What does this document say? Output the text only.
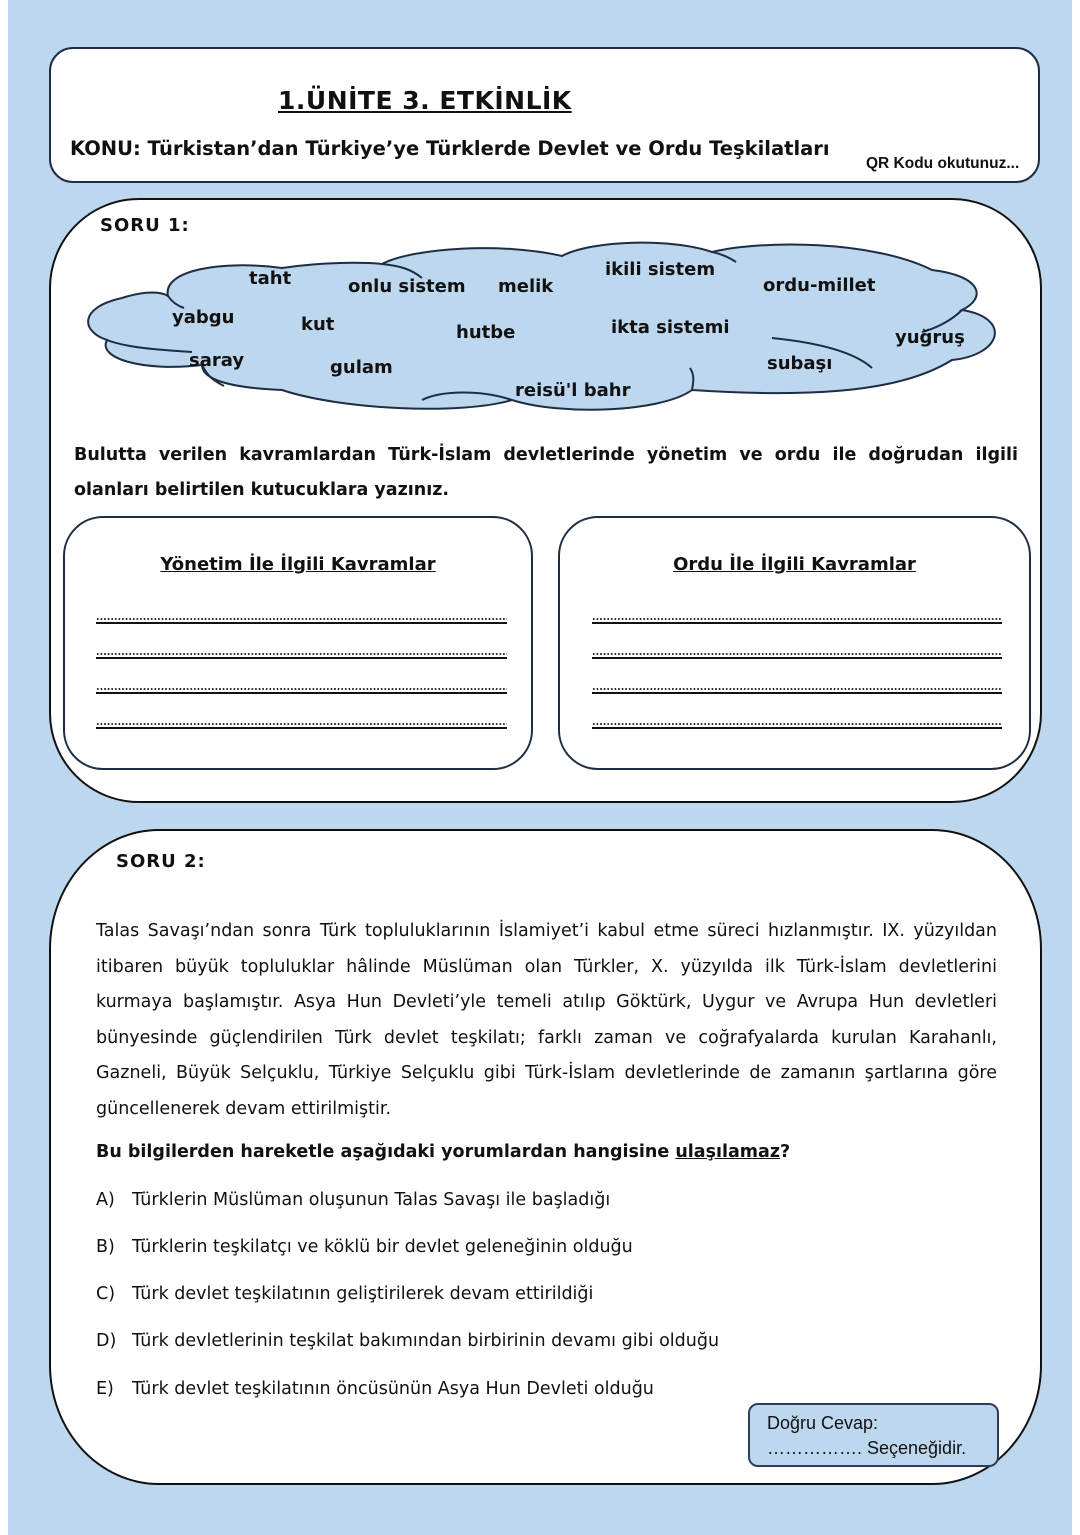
1.ÜNİTE 3. ETKİNLİK
KONU: Türkistan’dan Türkiye’ye Türklerde Devlet ve Ordu Teşkilatları
QR Kodu okutunuz...
SORU 1:
taht	onlu sistem melik
ikili sistem
ordu-millet
yabgu	kut	hutbe	ikta sistemi	yuğruş
saray	gulam	subaşı
reisü'l bahr
Bulutta verilen kavramlardan Türk-İslam devletlerinde yönetim ve ordu ile doğrudan ilgili olanları belirtilen kutucuklara yazınız.
Yönetim İle İlgili Kavramlar	Ordu İle İlgili Kavramlar
SORU 2:
Talas Savaşı’ndan sonra Türk topluluklarının İslamiyet’i kabul etme süreci hızlanmıştır. IX. yüzyıldan itibaren büyük topluluklar hâlinde Müslüman olan Türkler, X. yüzyılda ilk Türk-İslam devletlerini kurmaya başlamıştır. Asya Hun Devleti’yle temeli atılıp Göktürk, Uygur ve Avrupa Hun devletleri bünyesinde güçlendirilen Türk devlet teşkilatı; farklı zaman ve coğrafyalarda kurulan Karahanlı, Gazneli, Büyük Selçuklu, Türkiye Selçuklu gibi Türk-İslam devletlerinde de zamanın şartlarına göre güncellenerek devam ettirilmiştir.
Bu bilgilerden hareketle aşağıdaki yorumlardan hangisine ulaşılamaz?
A) Türklerin Müslüman oluşunun Talas Savaşı ile başladığı
B) Türklerin teşkilatçı ve köklü bir devlet geleneğinin olduğu
C) Türk devlet teşkilatının geliştirilerek devam ettirildiği
D) Türk devletlerinin teşkilat bakımından birbirinin devamı gibi olduğu
E) Türk devlet teşkilatının öncüsünün Asya Hun Devleti olduğu
Doğru Cevap:
……………. Seçeneğidir.
